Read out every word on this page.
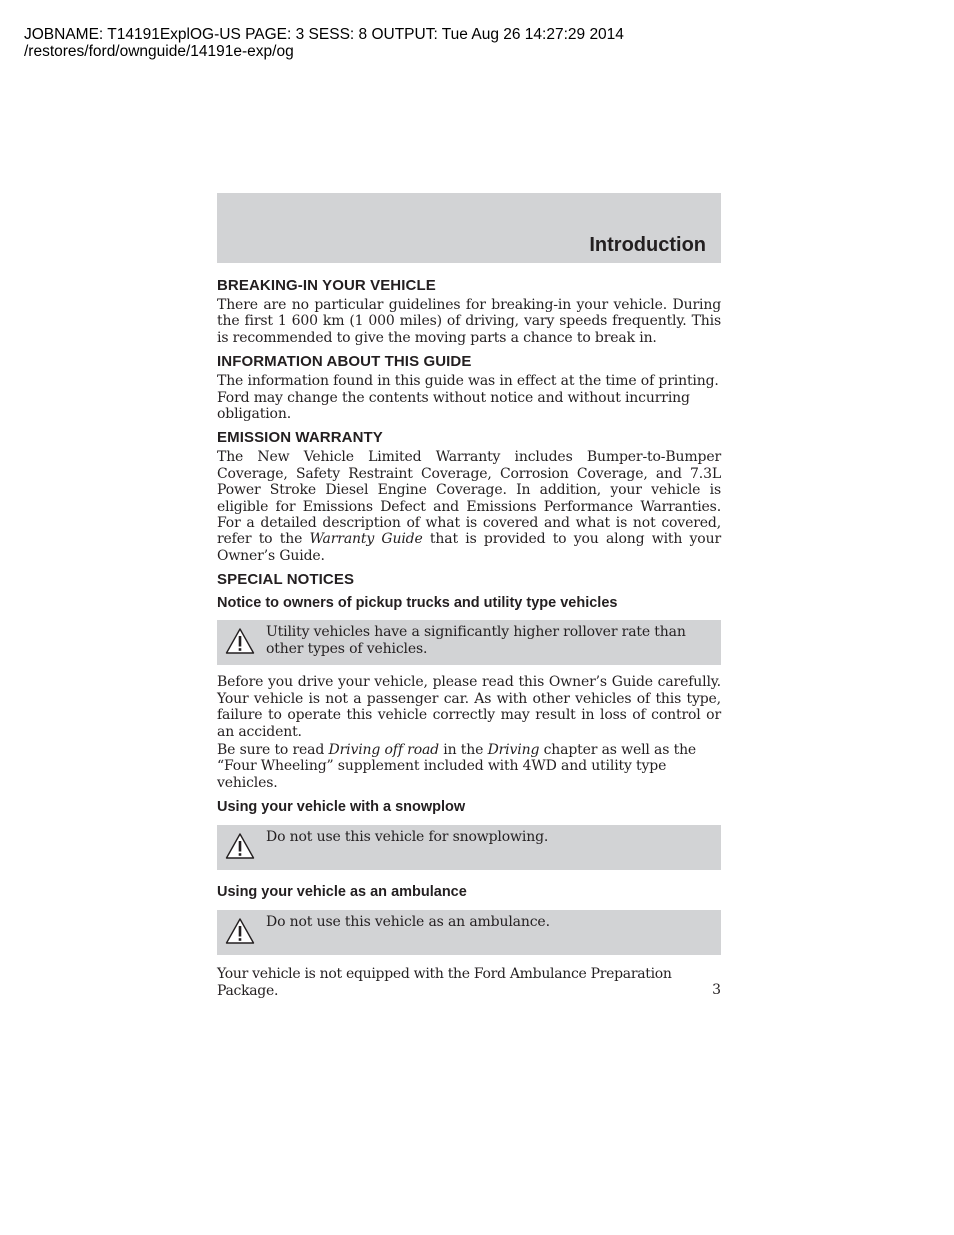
JOBNAME: T14191ExplOG-US PAGE: 3 SESS: 8 OUTPUT: Tue Aug 26 14:27:29 2014
/restores/ford/ownguide/14191e-exp/og
Introduction
BREAKING-IN YOUR VEHICLE

There are no particular guidelines for breaking-in your vehicle. During the first 1 600 km (1 000 miles) of driving, vary speeds frequently. This is recommended to give the moving parts a chance to break in.

INFORMATION ABOUT THIS GUIDE

The information found in this guide was in effect at the time of printing. Ford may change the contents without notice and without incurring obligation.

EMISSION WARRANTY

The New Vehicle Limited Warranty includes Bumper-to-Bumper Coverage, Safety Restraint Coverage, Corrosion Coverage, and 7.3L Power Stroke Diesel Engine Coverage. In addition, your vehicle is eligible for Emissions Defect and Emissions Performance Warranties. For a detailed description of what is covered and what is not covered, refer to the Warranty Guide that is provided to you along with your Owner’s Guide.

SPECIAL NOTICES
Notice to owners of pickup trucks and utility type vehicles
Utility vehicles have a significantly higher rollover rate than other types of vehicles.

Before you drive your vehicle, please read this Owner’s Guide carefully. Your vehicle is not a passenger car. As with other vehicles of this type, failure to operate this vehicle correctly may result in loss of control or an accident.

Be sure to read Driving off road in the Driving chapter as well as the “Four Wheeling” supplement included with 4WD and utility type vehicles.

Using your vehicle with a snowplow
Do not use this vehicle for snowplowing.
Using your vehicle as an ambulance
Do not use this vehicle as an ambulance.

Your vehicle is not equipped with the Ford Ambulance Preparation Package.	3
